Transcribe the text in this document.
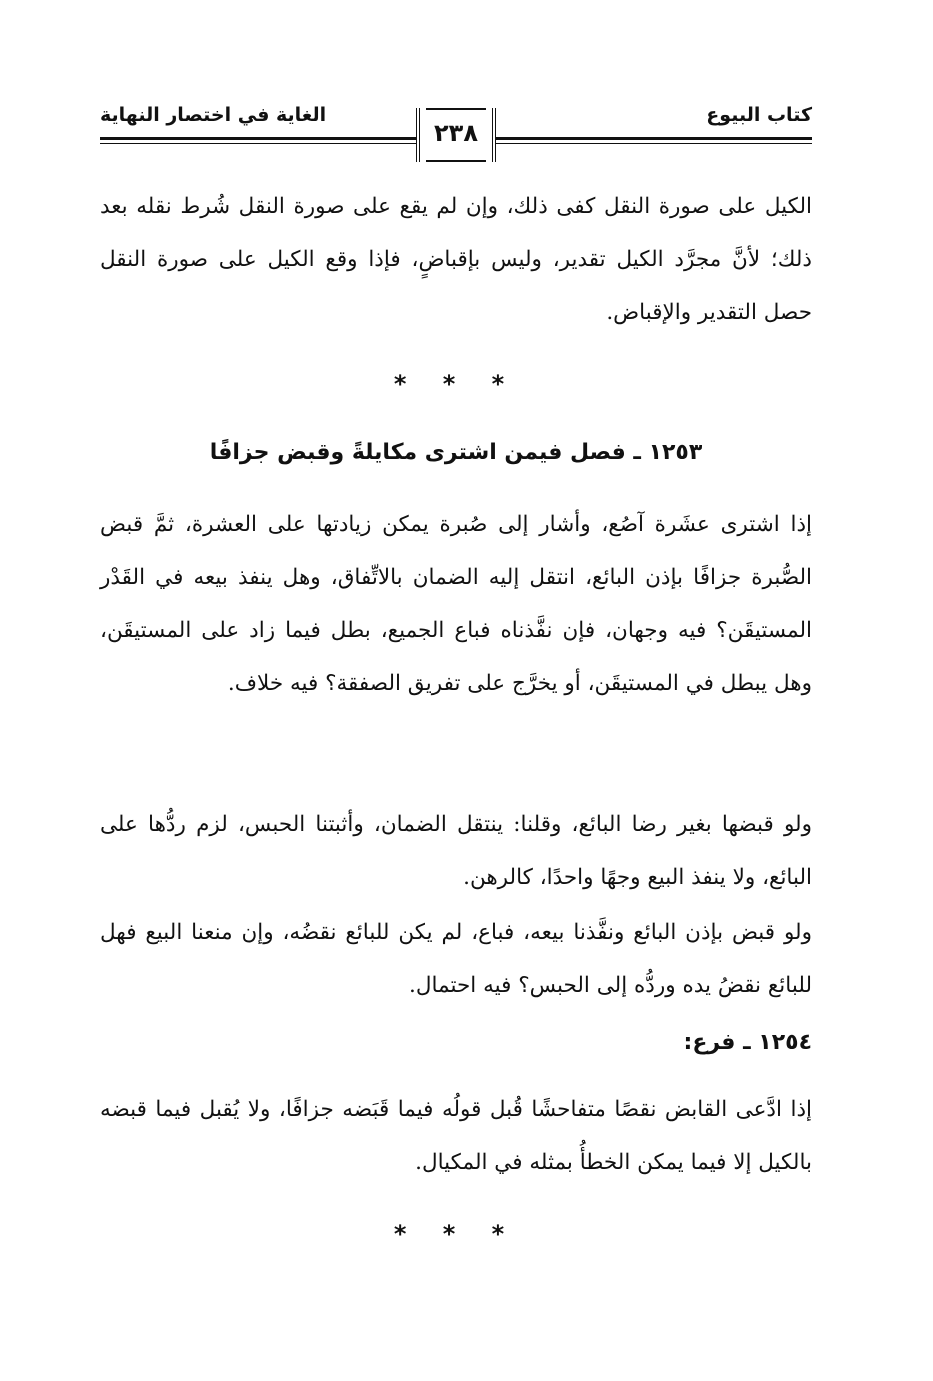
كتاب البيوع
الغاية في اختصار النهاية
٢٣٨

الكيل على صورة النقل كفى ذلك، وإن لم يقع على صورة النقل شُرط نقله بعد ذلك؛ لأنَّ مجرَّد الكيل تقدير، وليس بإقباضٍ، فإذا وقع الكيل على صورة النقل حصل التقدير والإقباض.

* * *
١٢٥٣ ـ فصل فيمن اشترى مكايلةً وقبض جزافًا

إذا اشترى عشَرة آصُع، وأشار إلى صُبرة يمكن زيادتها على العشرة، ثمَّ قبض الصُّبرة جزافًا بإذن البائع، انتقل إليه الضمان بالاتِّفاق، وهل ينفذ بيعه في القَدْر المستيقَن؟ فيه وجهان، فإن نفَّذناه فباع الجميع، بطل فيما زاد على المستيقَن، وهل يبطل في المستيقَن، أو يخرَّج على تفريق الصفقة؟ فيه خلاف.

ولو قبضها بغير رضا البائع، وقلنا: ينتقل الضمان، وأثبتنا الحبس، لزم ردُّها على البائع، ولا ينفذ البيع وجهًا واحدًا، كالرهن.

ولو قبض بإذن البائع ونفَّذنا بيعه، فباع، لم يكن للبائع نقضُه، وإن منعنا البيع فهل للبائع نقضُ يده وردُّه إلى الحبس؟ فيه احتمال.

١٢٥٤ ـ فرع:

إذا ادَّعى القابض نقصًا متفاحشًا قُبل قولُه فيما قَبَضه جزافًا، ولا يُقبل فيما قبضه بالكيل إلا فيما يمكن الخطأُ بمثله في المكيال.

* * *
